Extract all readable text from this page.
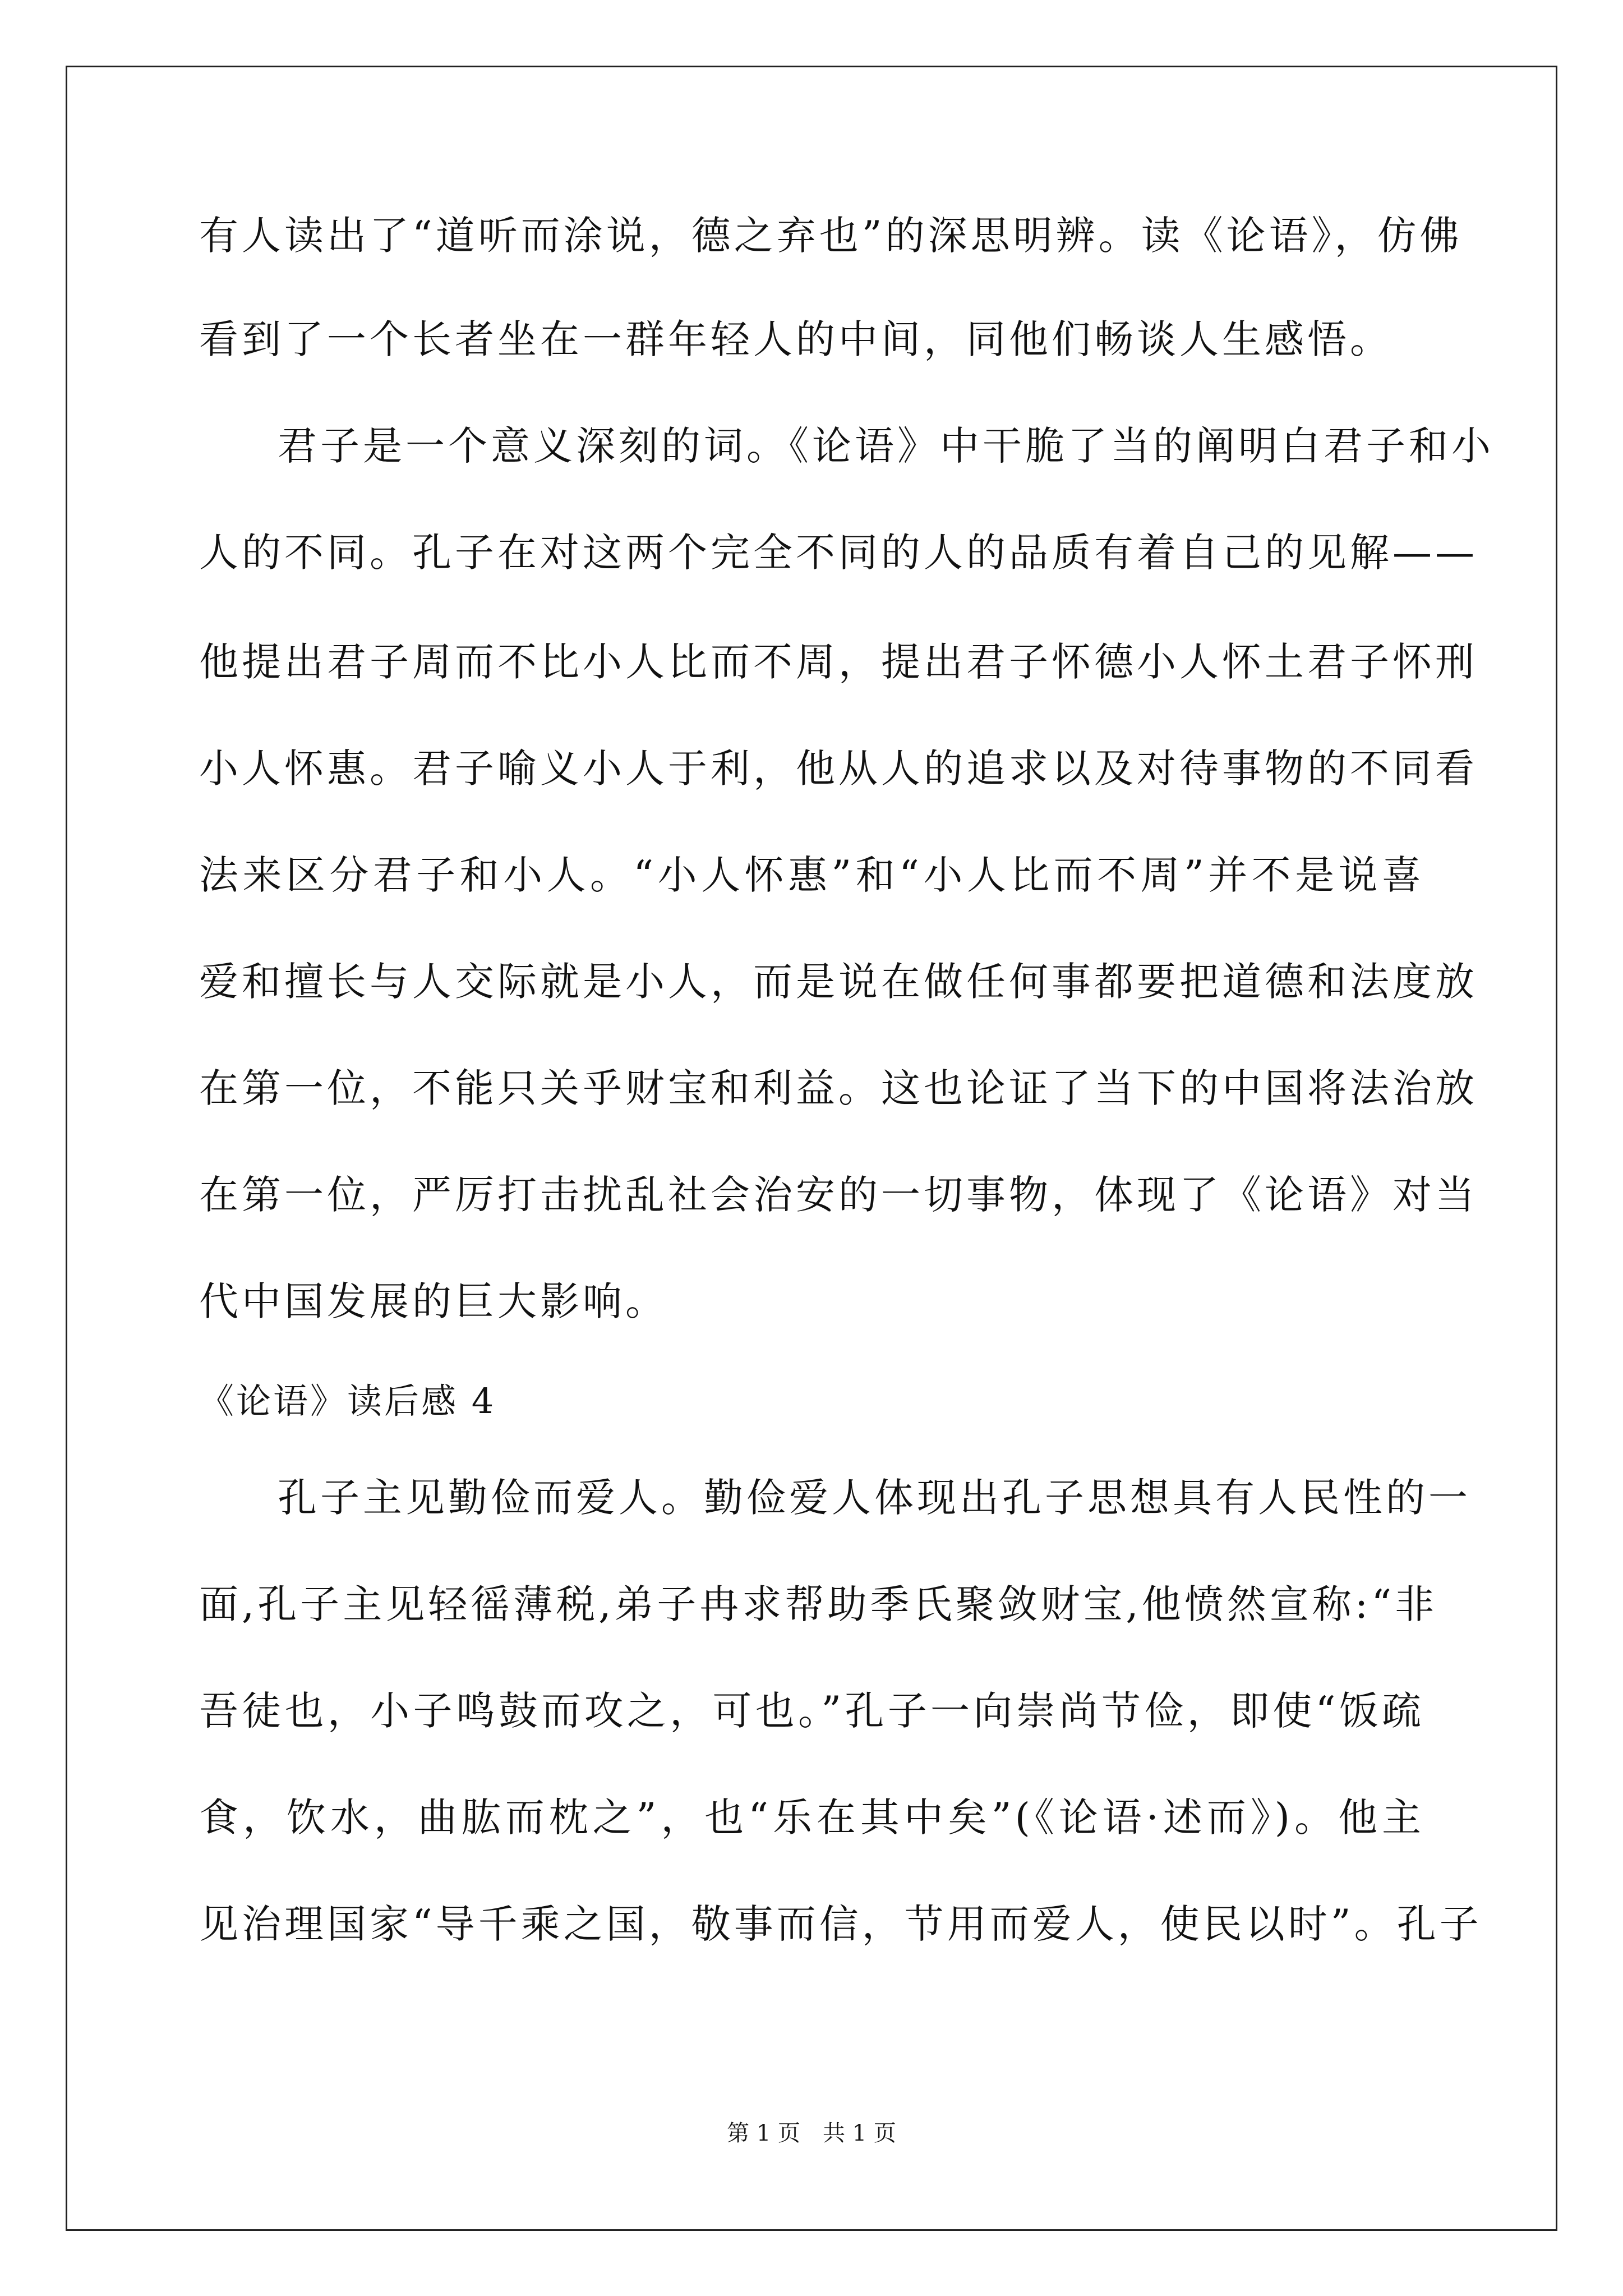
有人读出了“道听而涂说，德之弃也”的深思明辨。读《论语》，仿佛
看到了一个长者坐在一群年轻人的中间，同他们畅谈人生感悟。
君子是一个意义深刻的词。《论语》中干脆了当的阐明白君子和小
人的不同。孔子在对这两个完全不同的人的品质有着自己的见解——
他提出君子周而不比小人比而不周，提出君子怀德小人怀土君子怀刑
小人怀惠。君子喻义小人于利，他从人的追求以及对待事物的不同看
法来区分君子和小人。“小人怀惠”和“小人比而不周”并不是说喜
爱和擅长与人交际就是小人，而是说在做任何事都要把道德和法度放
在第一位，不能只关乎财宝和利益。这也论证了当下的中国将法治放
在第一位，严厉打击扰乱社会治安的一切事物，体现了《论语》对当
代中国发展的巨大影响。
《论语》读后感 4
孔子主见勤俭而爱人。勤俭爱人体现出孔子思想具有人民性的一
面,孔子主见轻徭薄税,弟子冉求帮助季氏聚敛财宝,他愤然宣称:“非
吾徒也，小子鸣鼓而攻之，可也。”孔子一向崇尚节俭，即使“饭疏
食，饮水，曲肱而枕之”，也“乐在其中矣”(《论语·述而》)。他主
见治理国家“导千乘之国，敬事而信，节用而爱人，使民以时”。孔子
第 1 页　共 1 页
